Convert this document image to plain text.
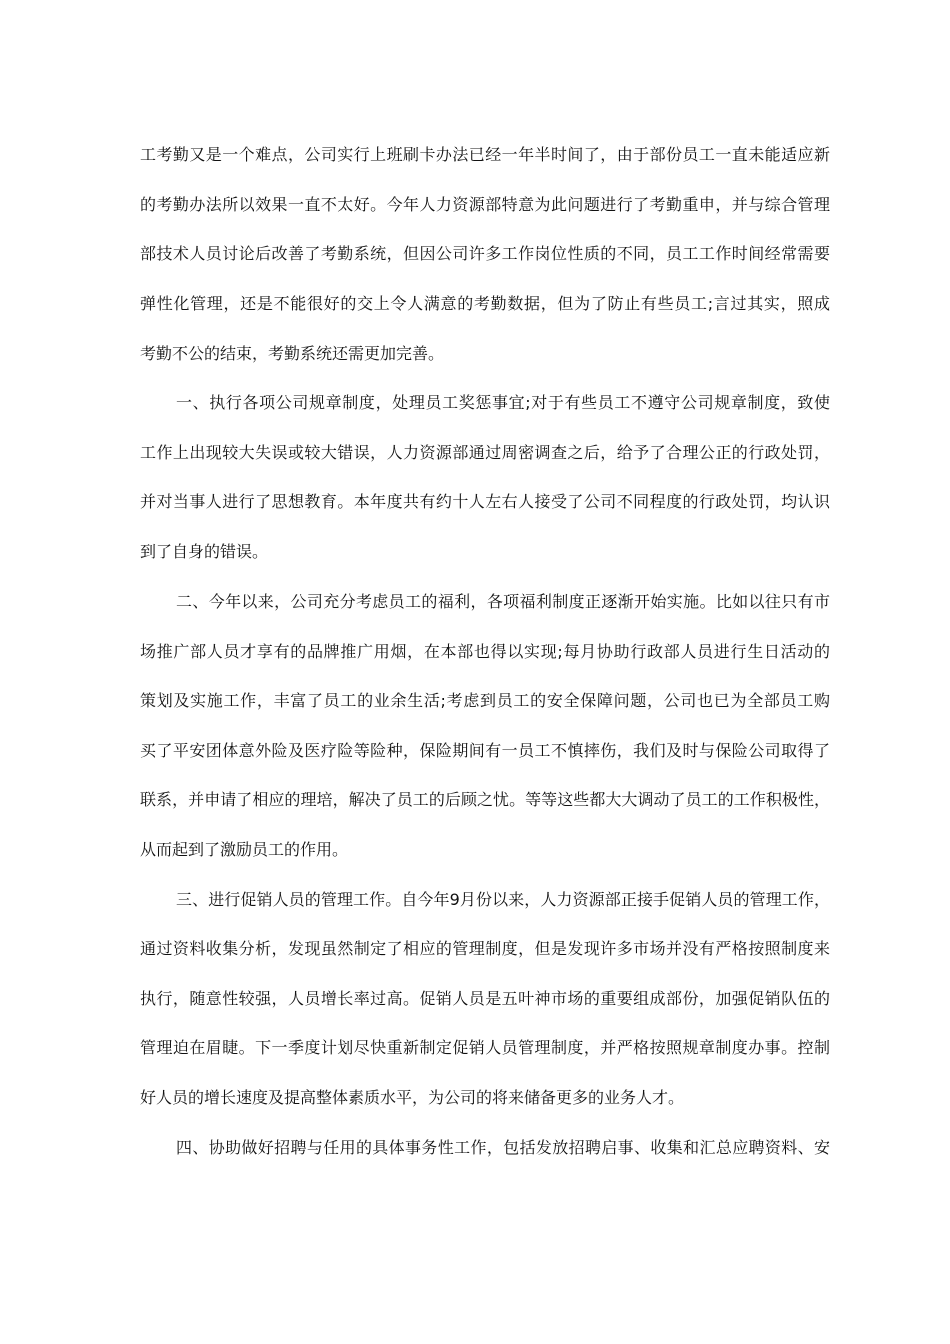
工考勤又是一个难点，公司实行上班刷卡办法已经一年半时间了，由于部份员工一直未能适应新
的考勤办法所以效果一直不太好。今年人力资源部特意为此问题进行了考勤重申，并与综合管理
部技术人员讨论后改善了考勤系统，但因公司许多工作岗位性质的不同，员工工作时间经常需要
弹性化管理，还是不能很好的交上令人满意的考勤数据，但为了防止有些员工;言过其实，照成
考勤不公的结束，考勤系统还需更加完善。
一、执行各项公司规章制度，处理员工奖惩事宜;对于有些员工不遵守公司规章制度，致使
工作上出现较大失误或较大错误，人力资源部通过周密调查之后，给予了合理公正的行政处罚，
并对当事人进行了思想教育。本年度共有约十人左右人接受了公司不同程度的行政处罚，均认识
到了自身的错误。
二、今年以来，公司充分考虑员工的福利，各项福利制度正逐渐开始实施。比如以往只有市
场推广部人员才享有的品牌推广用烟，在本部也得以实现;每月协助行政部人员进行生日活动的
策划及实施工作，丰富了员工的业余生活;考虑到员工的安全保障问题，公司也已为全部员工购
买了平安团体意外险及医疗险等险种，保险期间有一员工不慎摔伤，我们及时与保险公司取得了
联系，并申请了相应的理培，解决了员工的后顾之忧。等等这些都大大调动了员工的工作积极性，
从而起到了激励员工的作用。
三、进行促销人员的管理工作。自今年9月份以来，人力资源部正接手促销人员的管理工作，
通过资料收集分析，发现虽然制定了相应的管理制度，但是发现许多市场并没有严格按照制度来
执行，随意性较强，人员增长率过高。促销人员是五叶神市场的重要组成部份，加强促销队伍的
管理迫在眉睫。下一季度计划尽快重新制定促销人员管理制度，并严格按照规章制度办事。控制
好人员的增长速度及提高整体素质水平，为公司的将来储备更多的业务人才。
四、协助做好招聘与任用的具体事务性工作，包括发放招聘启事、收集和汇总应聘资料、安
